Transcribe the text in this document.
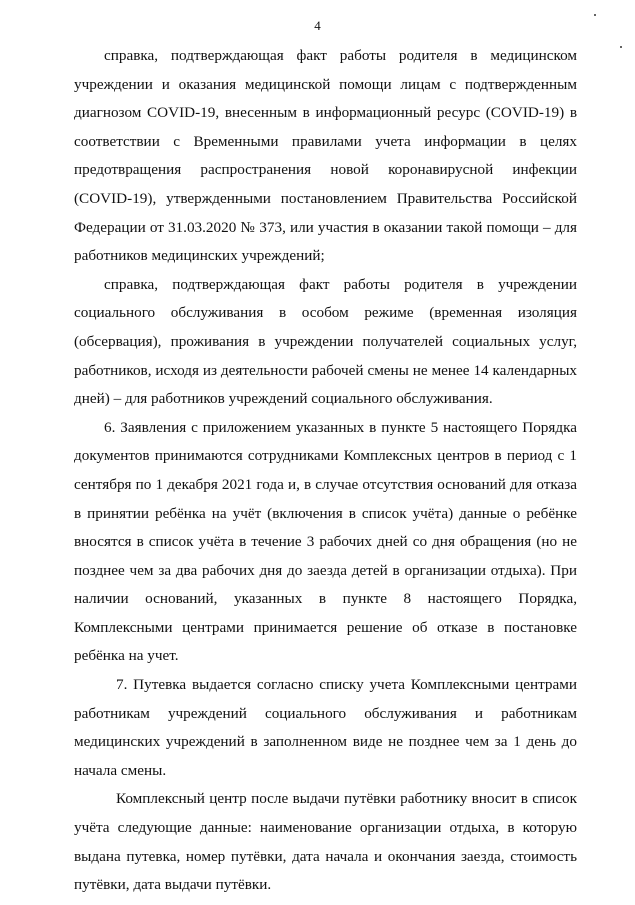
4

справка, подтверждающая факт работы родителя в медицинском учреждении и оказания медицинской помощи лицам с подтвержденным диагнозом COVID-19, внесенным в информационный ресурс (COVID-19) в соответствии с Временными правилами учета информации в целях предотвращения распространения новой коронавирусной инфекции (COVID-19), утвержденными постановлением Правительства Российской Федерации от 31.03.2020 № 373, или участия в оказании такой помощи – для работников медицинских учреждений;

справка, подтверждающая факт работы родителя в учреждении социального обслуживания в особом режиме (временная изоляция (обсервация), проживания в учреждении получателей социальных услуг, работников, исходя из деятельности рабочей смены не менее 14 календарных дней) – для работников учреждений социального обслуживания.

6. Заявления с приложением указанных в пункте 5 настоящего Порядка документов принимаются сотрудниками Комплексных центров в период с 1 сентября по 1 декабря 2021 года и, в случае отсутствия оснований для отказа в принятии ребёнка на учёт (включения в список учёта) данные о ребёнке вносятся в список учёта в течение 3 рабочих дней со дня обращения (но не позднее чем за два рабочих дня до заезда детей в организации отдыха). При наличии оснований, указанных в пункте 8 настоящего Порядка, Комплексными центрами принимается решение об отказе в постановке ребёнка на учет.

7. Путевка выдается согласно списку учета Комплексными центрами работникам учреждений социального обслуживания и работникам медицинских учреждений в заполненном виде не позднее чем за 1 день до начала смены.

Комплексный центр после выдачи путёвки работнику вносит в список учёта следующие данные: наименование организации отдыха, в которую выдана путевка, номер путёвки, дата начала и окончания заезда, стоимость путёвки, дата выдачи путёвки.
